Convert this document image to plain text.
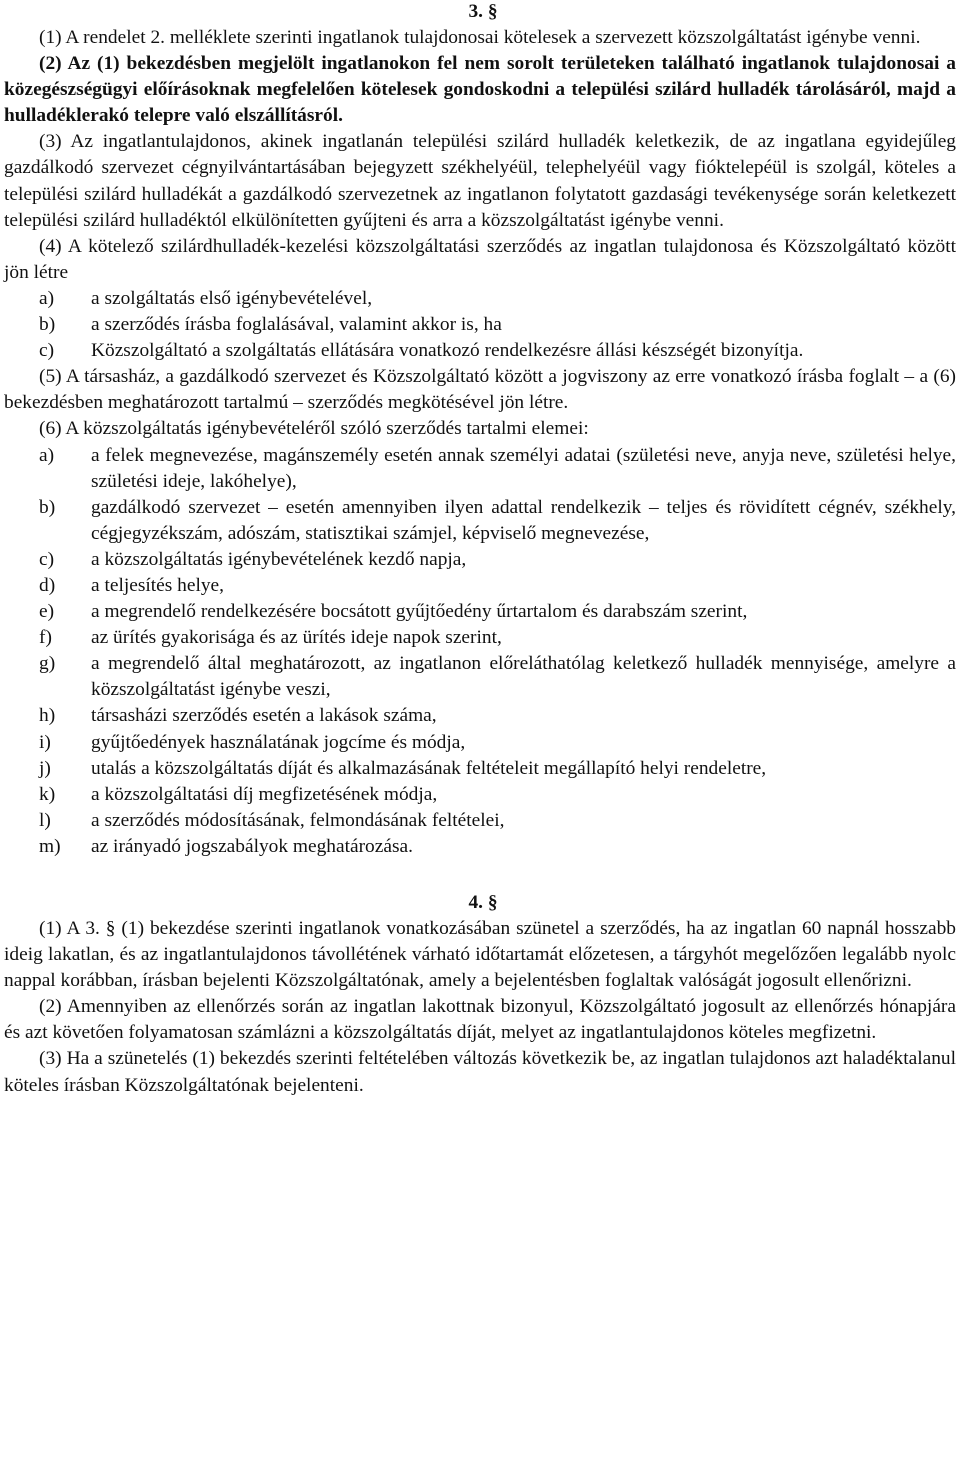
3. §

(1) A rendelet 2. melléklete szerinti ingatlanok tulajdonosai kötelesek a szervezett közszolgáltatást igénybe venni.

(2) Az (1) bekezdésben megjelölt ingatlanokon fel nem sorolt területeken található ingatlanok tulajdonosai a közegészségügyi előírásoknak megfelelően kötelesek gondoskodni a települési szilárd hulladék tárolásáról, majd a hulladéklerakó telepre való elszállításról.

(3) Az ingatlantulajdonos, akinek ingatlanán települési szilárd hulladék keletkezik, de az ingatlana egyidejűleg gazdálkodó szervezet cégnyilvántartásában bejegyzett székhelyéül, telephelyéül vagy fióktelepéül is szolgál, köteles a települési szilárd hulladékát a gazdálkodó szervezetnek az ingatlanon folytatott gazdasági tevékenysége során keletkezett települési szilárd hulladéktól elkülönítetten gyűjteni és arra a közszolgáltatást igénybe venni.

(4) A kötelező szilárdhulladék-kezelési közszolgáltatási szerződés az ingatlan tulajdonosa és Közszolgáltató között jön létre

a)	a szolgáltatás első igénybevételével,
b)	a szerződés írásba foglalásával, valamint akkor is, ha
c)	Közszolgáltató a szolgáltatás ellátására vonatkozó rendelkezésre állási készségét bizonyítja.

(5) A társasház, a gazdálkodó szervezet és Közszolgáltató között a jogviszony az erre vonatkozó írásba foglalt – a (6) bekezdésben meghatározott tartalmú – szerződés megkötésével jön létre.

(6) A közszolgáltatás igénybevételéről szóló szerződés tartalmi elemei:

a)	a felek megnevezése, magánszemély esetén annak személyi adatai (születési neve, anyja neve, születési helye, születési ideje, lakóhelye),
b)	gazdálkodó szervezet – esetén amennyiben ilyen adattal rendelkezik – teljes és rövidített cégnév, székhely, cégjegyzékszám, adószám, statisztikai számjel, képviselő megnevezése,
c)	a közszolgáltatás igénybevételének kezdő napja,
d)	a teljesítés helye,
e)	a megrendelő rendelkezésére bocsátott gyűjtőedény űrtartalom és darabszám szerint,
f)	az ürítés gyakorisága és az ürítés ideje napok szerint,
g)	a megrendelő által meghatározott, az ingatlanon előreláthatólag keletkező hulladék mennyisége, amelyre a közszolgáltatást igénybe veszi,
h)	társasházi szerződés esetén a lakások száma,
i)	gyűjtőedények használatának jogcíme és módja,
j)	utalás a közszolgáltatás díját és alkalmazásának feltételeit megállapító helyi rendeletre,
k)	a közszolgáltatási díj megfizetésének módja,
l)	a szerződés módosításának, felmondásának feltételei,
m)	az irányadó jogszabályok meghatározása.
4. §

(1) A 3. § (1) bekezdése szerinti ingatlanok vonatkozásában szünetel a szerződés, ha az ingatlan 60 napnál hosszabb ideig lakatlan, és az ingatlantulajdonos távollétének várható időtartamát előzetesen, a tárgyhót megelőzően legalább nyolc nappal korábban, írásban bejelenti Közszolgáltatónak, amely a bejelentésben foglaltak valóságát jogosult ellenőrizni.

(2) Amennyiben az ellenőrzés során az ingatlan lakottnak bizonyul, Közszolgáltató jogosult az ellenőrzés hónapjára és azt követően folyamatosan számlázni a közszolgáltatás díját, melyet az ingatlantulajdonos köteles megfizetni.

(3) Ha a szünetelés (1) bekezdés szerinti feltételében változás következik be, az ingatlan tulajdonos azt haladéktalanul köteles írásban Közszolgáltatónak bejelenteni.
